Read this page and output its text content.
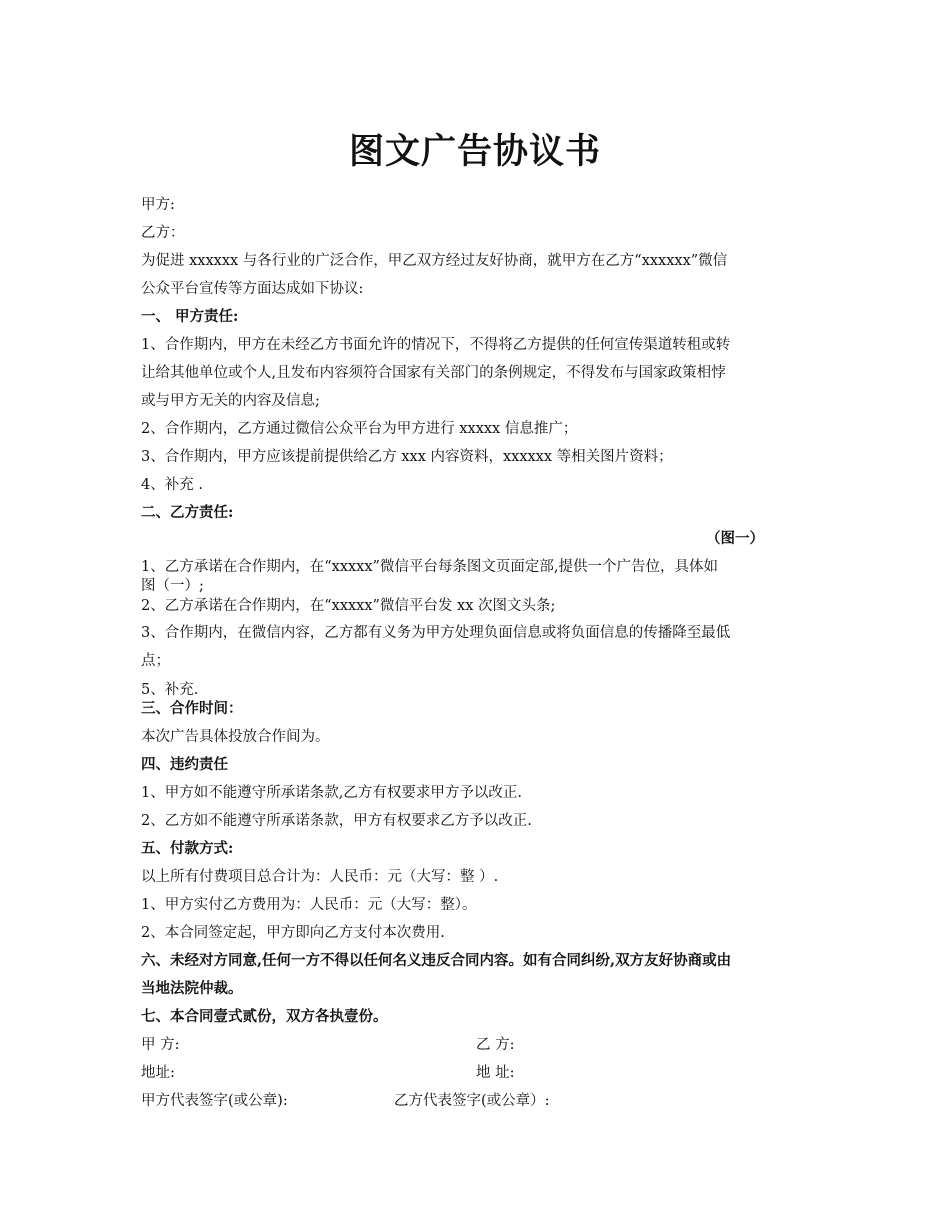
图文广告协议书
甲方:
乙方：
为促进 xxxxxx 与各行业的广泛合作，甲乙双方经过友好协商，就甲方在乙方“xxxxxx”微信
公众平台宣传等方面达成如下协议:
一、 甲方责任:
1、合作期内，甲方在未经乙方书面允许的情况下，不得将乙方提供的任何宣传渠道转租或转
让给其他单位或个人,且发布内容须符合国家有关部门的条例规定，不得发布与国家政策相悖
或与甲方无关的内容及信息;
2、合作期内，乙方通过微信公众平台为甲方进行 xxxxx 信息推广；
3、合作期内，甲方应该提前提供给乙方 xxx 内容资料，xxxxxx 等相关图片资料；
4、补充 .
二、乙方责任:
（图一）
1、乙方承诺在合作期内，在“xxxxx”微信平台每条图文页面定部,提供一个广告位，具体如
图（一）;
2、乙方承诺在合作期内，在“xxxxx”微信平台发 xx 次图文头条;
3、合作期内，在微信内容，乙方都有义务为甲方处理负面信息或将负面信息的传播降至最低
点；
5、补充.
三、合作时间：
本次广告具体投放合作间为。
四、违约责任
1、甲方如不能遵守所承诺条款,乙方有权要求甲方予以改正.
2、乙方如不能遵守所承诺条款，甲方有权要求乙方予以改正.
五、付款方式:
以上所有付费项目总合计为：人民币：元（大写：整 ）.
1、甲方实付乙方费用为：人民币：元（大写：整）。
2、本合同签定起，甲方即向乙方支付本次费用.
六、未经对方同意,任何一方不得以任何名义违反合同内容。如有合同纠纷,双方友好协商或由
当地法院仲裁。
七、本合同壹式贰份，双方各执壹份。
甲 方:	乙 方:
地址:	地 址:
甲方代表签字(或公章):	乙方代表签字(或公章）:
